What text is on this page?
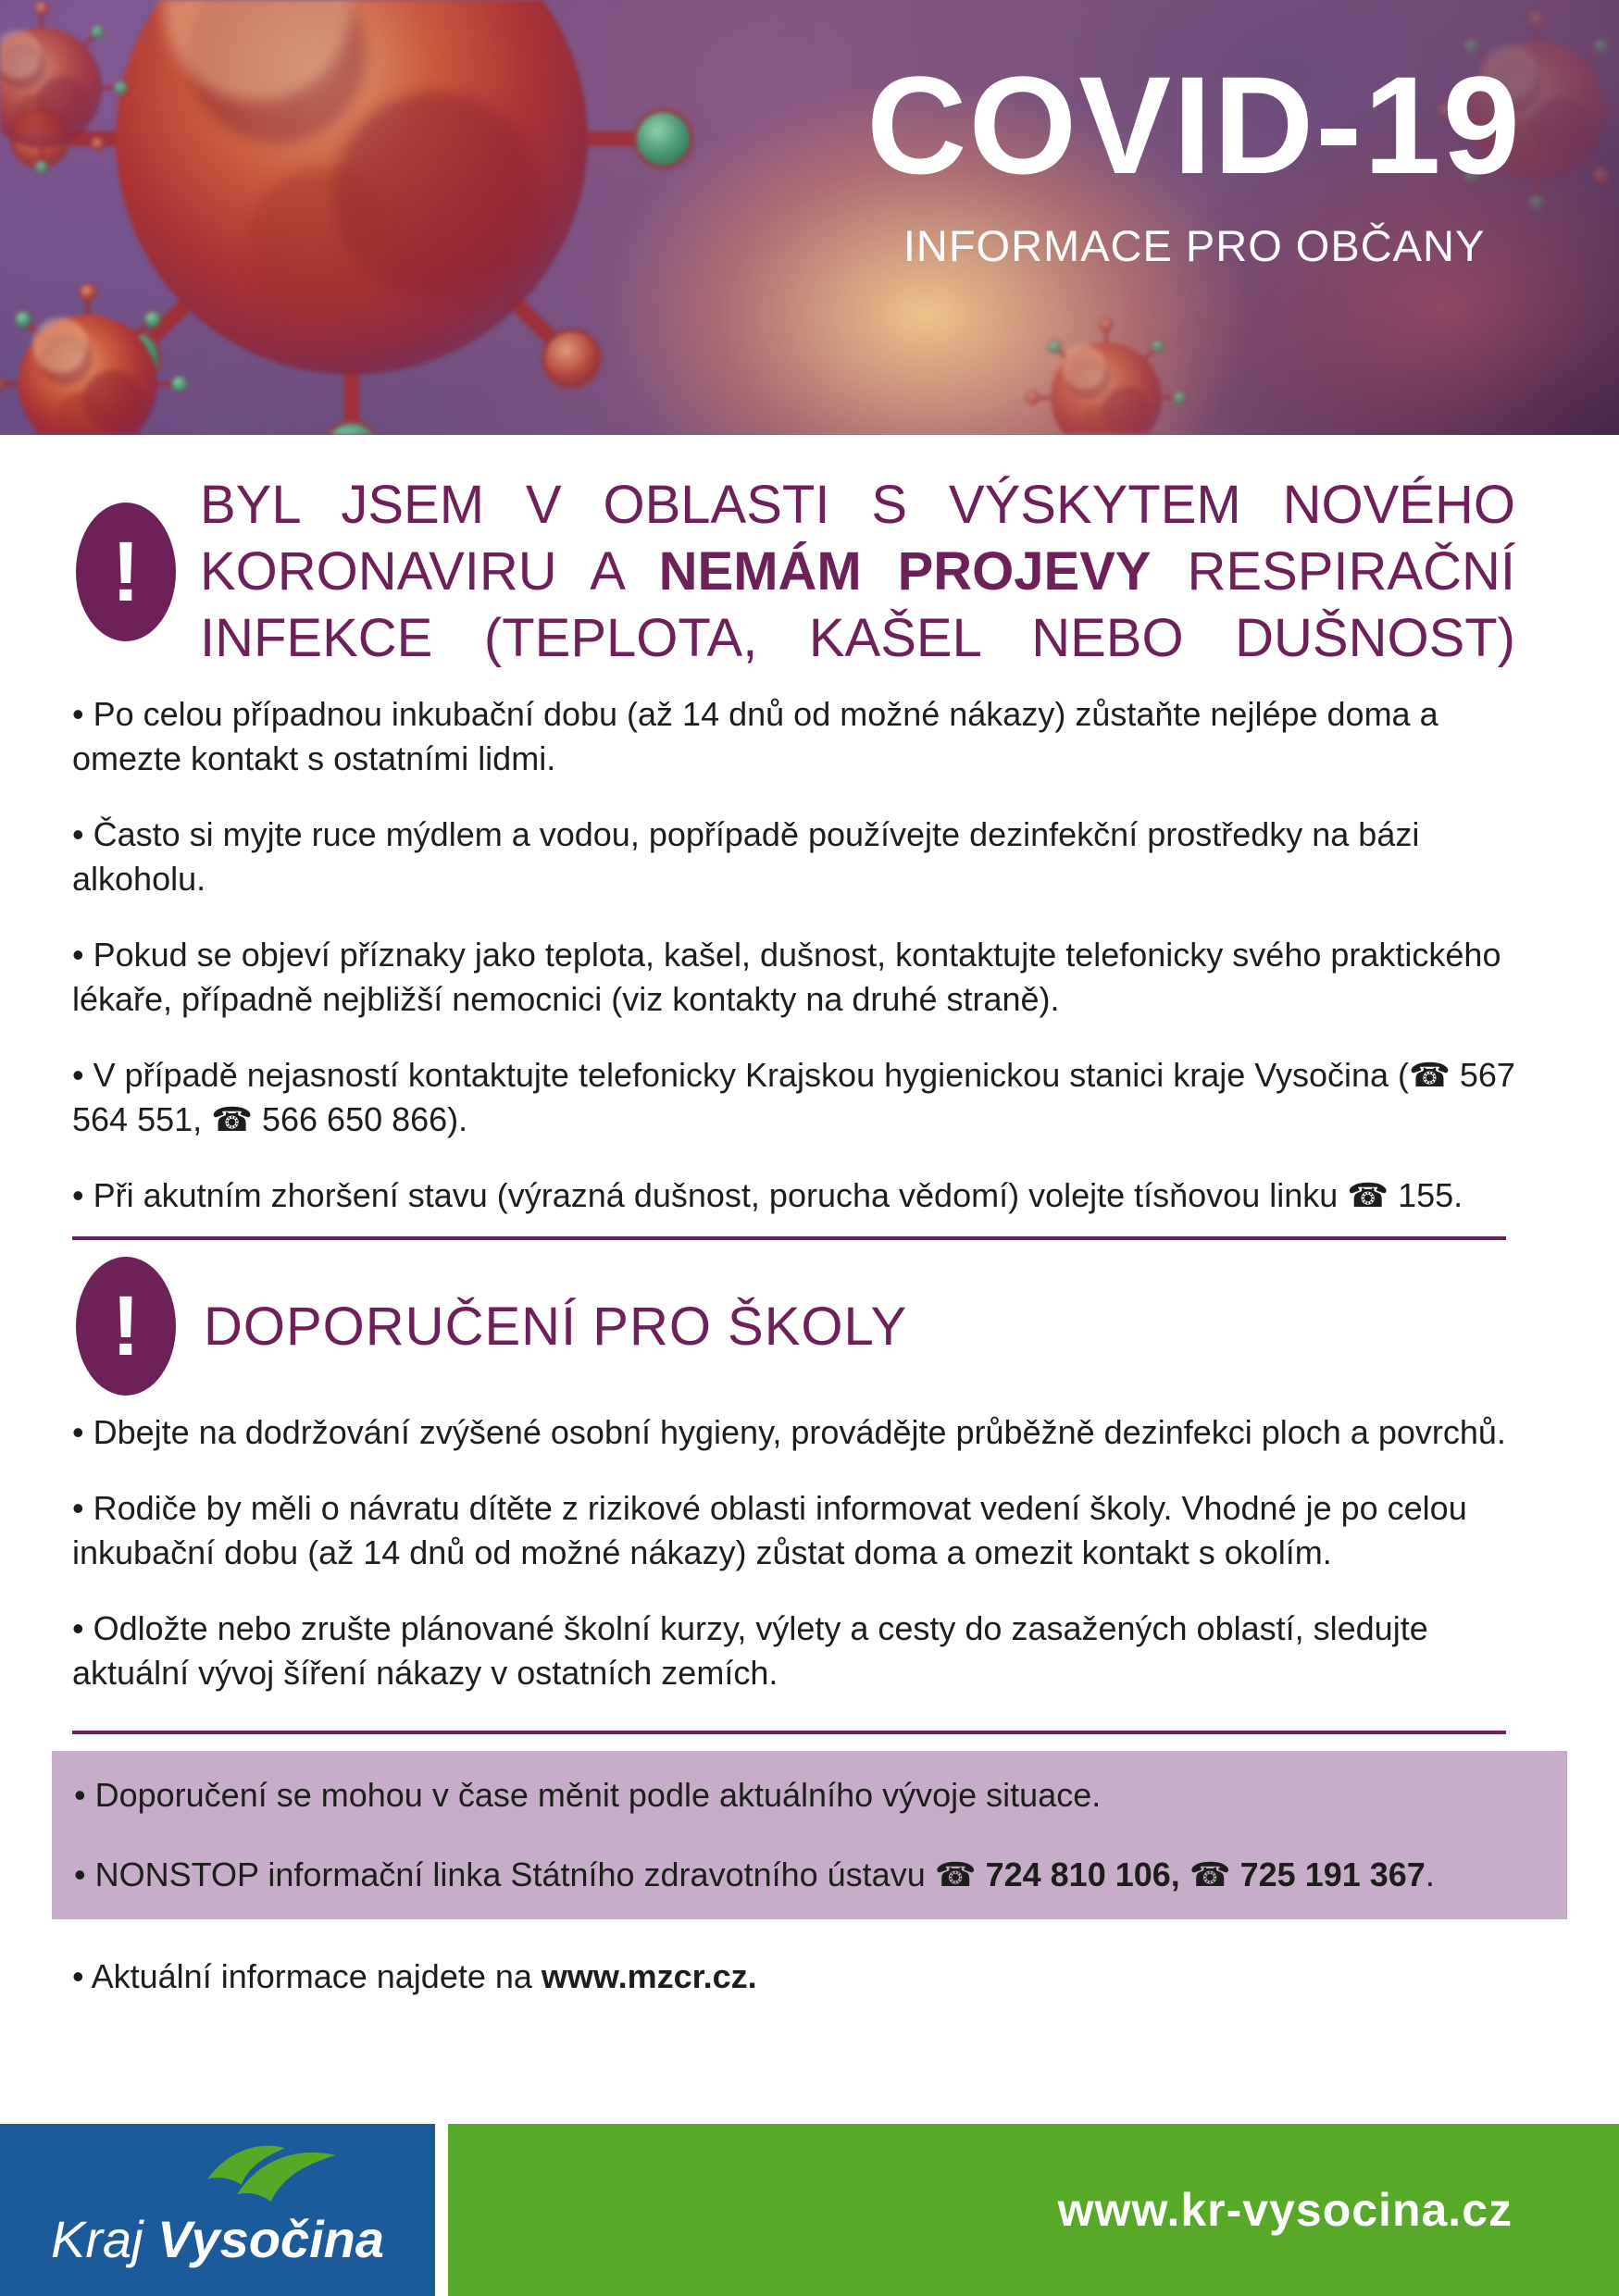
COVID-19
INFORMACE PRO OBČANY
!
BYL JSEM V OBLASTI S VÝSKYTEM NOVÉHO
KORONAVIRU A NEMÁM PROJEVY RESPIRAČNÍ
INFEKCE (TEPLOTA, KAŠEL NEBO DUŠNOST)
• Po celou případnou inkubační dobu (až 14 dnů od možné nákazy) zůstaňte nejlépe doma a omezte kontakt s ostatními lidmi.
• Často si myjte ruce mýdlem a vodou, popřípadě používejte dezinfekční prostředky na bázi alkoholu.
• Pokud se objeví příznaky jako teplota, kašel, dušnost, kontaktujte telefonicky svého praktického lékaře, případně nejbližší nemocnici (viz kontakty na druhé straně).
• V případě nejasností kontaktujte telefonicky Krajskou hygienickou stanici kraje Vysočina (☎ 567 564 551, ☎ 566 650 866).
• Při akutním zhoršení stavu (výrazná dušnost, porucha vědomí) volejte tísňovou linku ☎ 155.
! DOPORUČENÍ PRO ŠKOLY
• Dbejte na dodržování zvýšené osobní hygieny, provádějte průběžně dezinfekci ploch a povrchů.
• Rodiče by měli o návratu dítěte z rizikové oblasti informovat vedení školy. Vhodné je po celou inkubační dobu (až 14 dnů od možné nákazy) zůstat doma a omezit kontakt s okolím.
• Odložte nebo zrušte plánované školní kurzy, výlety a cesty do zasažených oblastí, sledujte aktuální vývoj šíření nákazy v ostatních zemích.
• Doporučení se mohou v čase měnit podle aktuálního vývoje situace.
• NONSTOP informační linka Státního zdravotního ústavu ☎ 724 810 106, ☎ 725 191 367.
• Aktuální informace najdete na www.mzcr.cz.
Kraj Vysočina	www.kr-vysocina.cz
